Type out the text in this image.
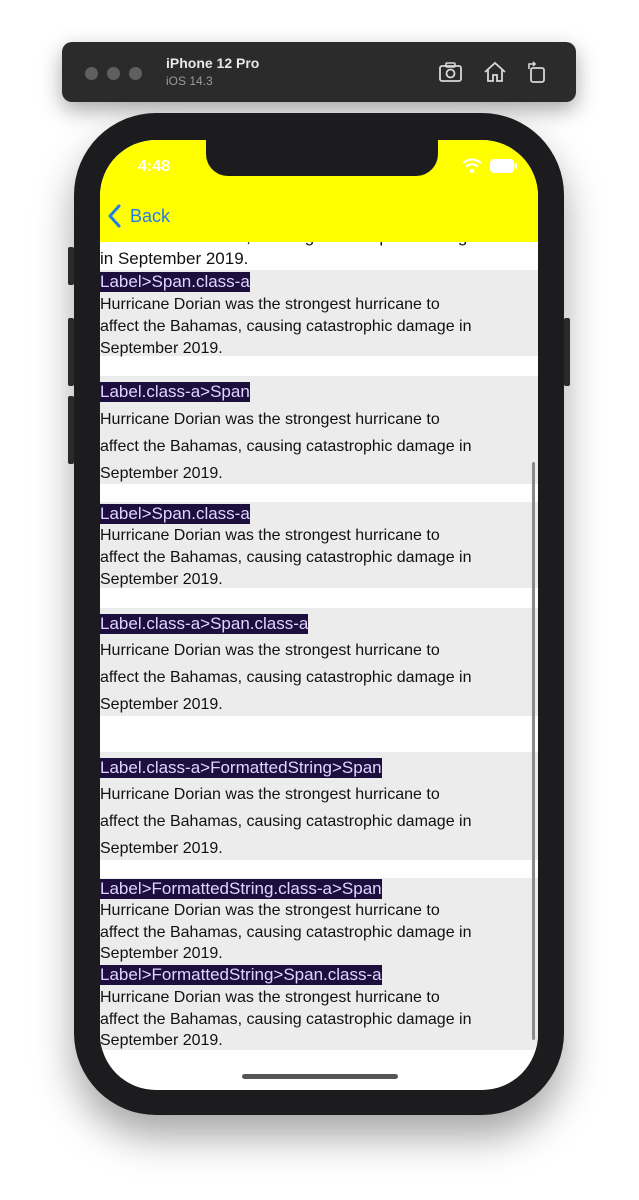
iPhone 12 Pro
iOS 14.3
4:48
Back
in September 2019.
Label>Span.class-a
Hurricane Dorian was the strongest hurricane to
affect the Bahamas, causing catastrophic damage in
September 2019.
Label.class-a>Span
Hurricane Dorian was the strongest hurricane to
affect the Bahamas, causing catastrophic damage in
September 2019.
Label>Span.class-a
Hurricane Dorian was the strongest hurricane to
affect the Bahamas, causing catastrophic damage in
September 2019.
Label.class-a>Span.class-a
Hurricane Dorian was the strongest hurricane to
affect the Bahamas, causing catastrophic damage in
September 2019.
Label.class-a>FormattedString>Span
Hurricane Dorian was the strongest hurricane to
affect the Bahamas, causing catastrophic damage in
September 2019.
Label>FormattedString.class-a>Span
Hurricane Dorian was the strongest hurricane to
affect the Bahamas, causing catastrophic damage in
September 2019.
Label>FormattedString>Span.class-a
Hurricane Dorian was the strongest hurricane to
affect the Bahamas, causing catastrophic damage in
September 2019.
